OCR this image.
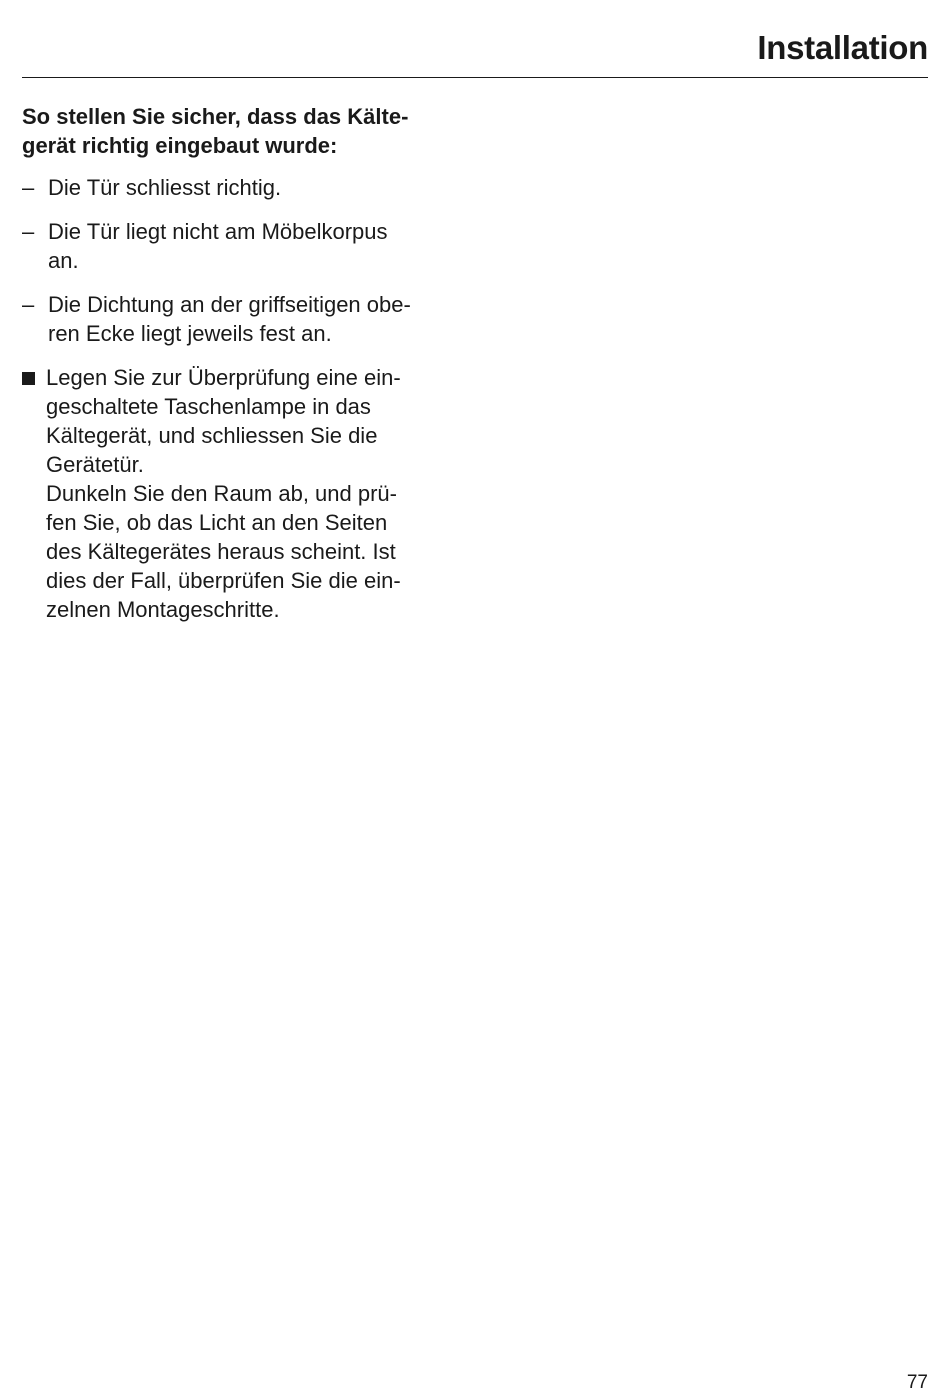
Installation
So stellen Sie sicher, dass das Kälte-
gerät richtig eingebaut wurde:
– Die Tür schliesst richtig.
– Die Tür liegt nicht am Möbelkorpus
an.
– Die Dichtung an der griffseitigen obe-
ren Ecke liegt jeweils fest an.
Legen Sie zur Überprüfung eine ein-
geschaltete Taschenlampe in das
Kältegerät, und schliessen Sie die
Gerätetür.
Dunkeln Sie den Raum ab, und prü-
fen Sie, ob das Licht an den Seiten
des Kältegerätes heraus scheint. Ist
dies der Fall, überprüfen Sie die ein-
zelnen Montageschritte.
77
